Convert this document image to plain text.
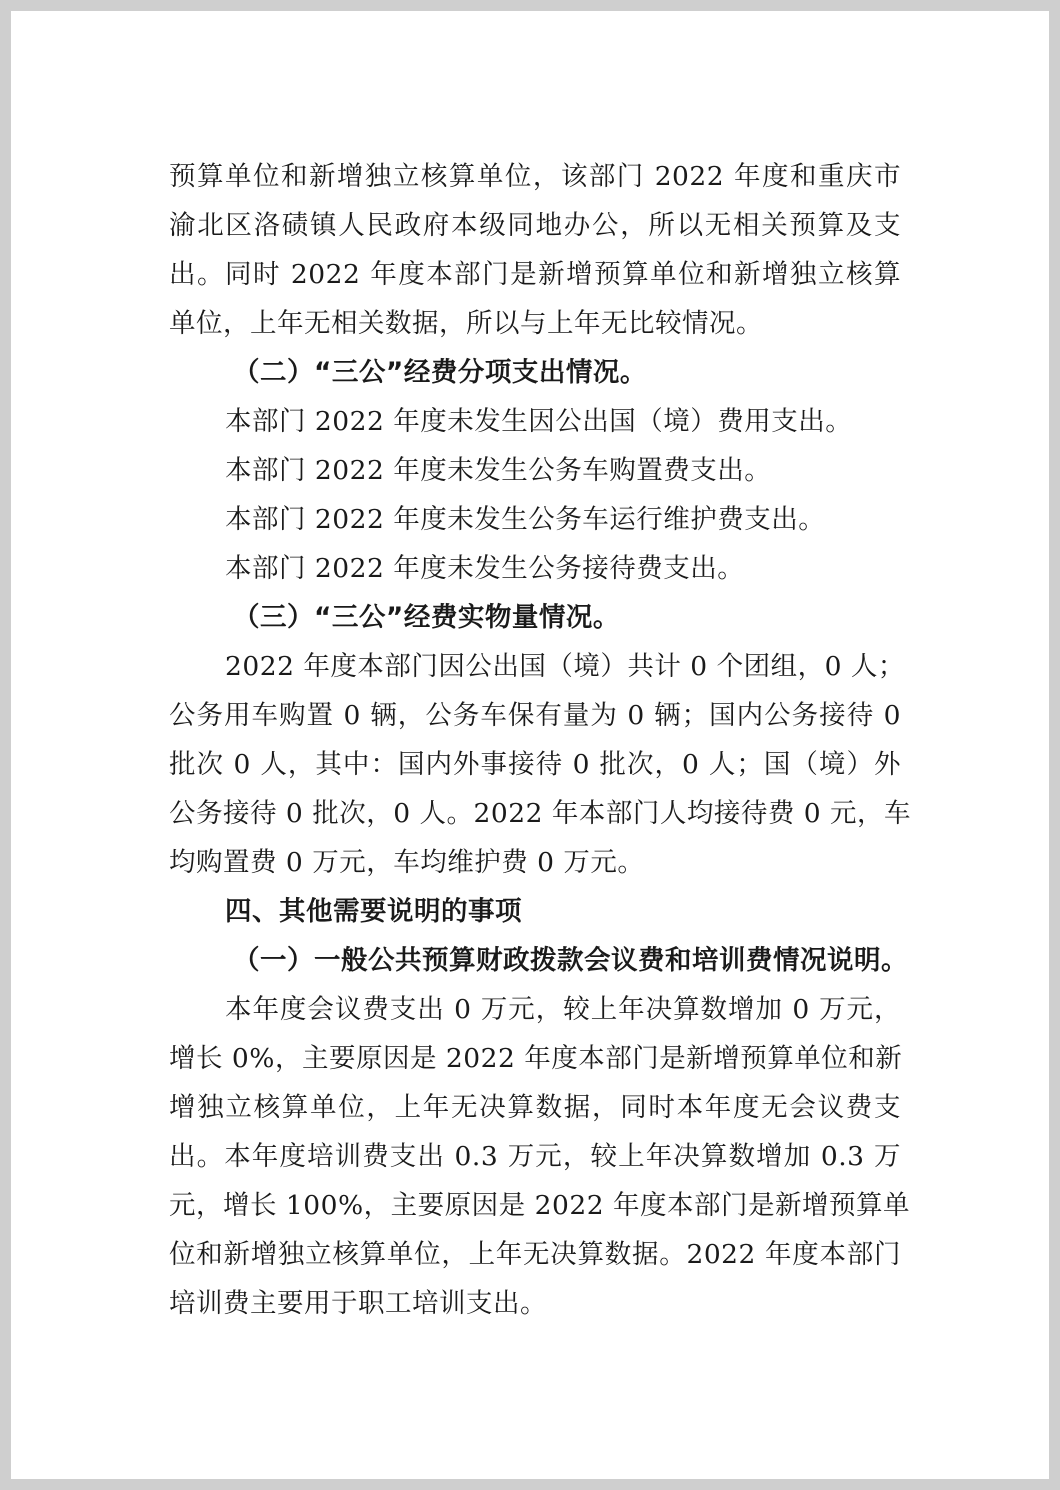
预算单位和新增独立核算单位，该部门 2022 年度和重庆市
渝北区洛碛镇人民政府本级同地办公，所以无相关预算及支
出。同时 2022 年度本部门是新增预算单位和新增独立核算
单位，上年无相关数据，所以与上年无比较情况。
（二）“三公”经费分项支出情况。
本部门 2022 年度未发生因公出国（境）费用支出。
本部门 2022 年度未发生公务车购置费支出。
本部门 2022 年度未发生公务车运行维护费支出。
本部门 2022 年度未发生公务接待费支出。
（三）“三公”经费实物量情况。
2022 年度本部门因公出国（境）共计 0 个团组，0 人；
公务用车购置 0 辆，公务车保有量为 0 辆；国内公务接待 0
批次 0 人，其中：国内外事接待 0 批次，0 人；国（境）外
公务接待 0 批次，0 人。2022 年本部门人均接待费 0 元，车
均购置费 0 万元，车均维护费 0 万元。
四、其他需要说明的事项
（一）一般公共预算财政拨款会议费和培训费情况说明。
本年度会议费支出 0 万元，较上年决算数增加 0 万元，
增长 0%，主要原因是 2022 年度本部门是新增预算单位和新
增独立核算单位，上年无决算数据，同时本年度无会议费支
出。本年度培训费支出 0.3 万元，较上年决算数增加 0.3 万
元，增长 100%，主要原因是 2022 年度本部门是新增预算单
位和新增独立核算单位，上年无决算数据。2022 年度本部门
培训费主要用于职工培训支出。
